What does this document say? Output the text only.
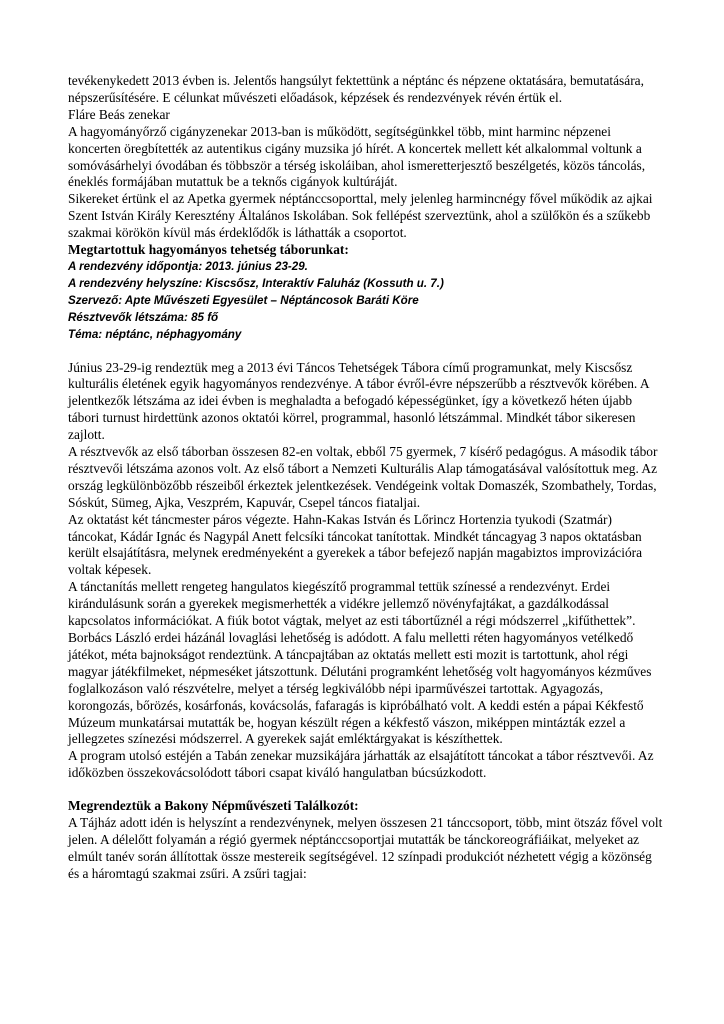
tevékenykedett 2013 évben is. Jelentős hangsúlyt fektettünk a néptánc és népzene oktatására, bemutatására, népszerűsítésére. E célunkat művészeti előadások, képzések és rendezvények révén értük el.

Fláre Beás zenekar

A hagyományőrző cigányzenekar 2013-ban is működött, segítségünkkel több, mint harminc népzenei koncerten öregbítették az autentikus cigány muzsika jó hírét. A koncertek mellett két alkalommal voltunk a somóvásárhelyi óvodában és többször a térség iskoláiban, ahol ismeretterjesztő beszélgetés, közös táncolás, éneklés formájában mutattuk be a teknős cigányok kultúráját.

Sikereket értünk el az Apetka gyermek néptánccsoporttal, mely jelenleg harmincnégy fővel működik az ajkai Szent István Király Keresztény Általános Iskolában. Sok fellépést szerveztünk, ahol a szülőkön és a szűkebb szakmai körökön kívül más érdeklődők is láthatták a csoportot.

Megtartottuk hagyományos tehetség táborunkat:

A rendezvény időpontja: 2013. június 23-29.

A rendezvény helyszíne: Kiscsősz, Interaktív Faluház (Kossuth u. 7.)

Szervező: Apte Művészeti Egyesület – Néptáncosok Baráti Köre

Résztvevők létszáma: 85 fő

Téma: néptánc, néphagyomány

Június 23-29-ig rendeztük meg a 2013 évi Táncos Tehetségek Tábora című programunkat, mely Kiscsősz kulturális életének egyik hagyományos rendezvénye. A tábor évről-évre népszerűbb a résztvevők körében. A jelentkezők létszáma az idei évben is meghaladta a befogadó képességünket, így a következő héten újabb tábori turnust hirdettünk azonos oktatói körrel, programmal, hasonló létszámmal. Mindkét tábor sikeresen zajlott.

A résztvevők az első táborban összesen 82-en voltak, ebből 75 gyermek, 7 kísérő pedagógus. A második tábor résztvevői létszáma azonos volt. Az első tábort a Nemzeti Kulturális Alap támogatásával valósítottuk meg. Az ország legkülönbözőbb részeiből érkeztek jelentkezések. Vendégeink voltak Domaszék, Szombathely, Tordas, Sóskút, Sümeg, Ajka, Veszprém, Kapuvár, Csepel táncos fiataljai.

Az oktatást két táncmester páros végezte. Hahn-Kakas István és Lőrincz Hortenzia tyukodi (Szatmár) táncokat, Kádár Ignác és Nagypál Anett felcsíki táncokat tanítottak. Mindkét táncagyag 3 napos oktatásban került elsajátításra, melynek eredményeként a gyerekek a tábor befejező napján magabiztos improvizációra voltak képesek.

A tánctanítás mellett rengeteg hangulatos kiegészítő programmal tettük színessé a rendezvényt. Erdei kirándulásunk során a gyerekek megismerhették a vidékre jellemző növényfajtákat, a gazdálkodással kapcsolatos információkat. A fiúk botot vágtak, melyet az esti tábortűznél a régi módszerrel „kifűthettek”. Borbács László erdei házánál lovaglási lehetőség is adódott. A falu melletti réten hagyományos vetélkedő játékot, méta bajnokságot rendeztünk. A táncpajtában az oktatás mellett esti mozit is tartottunk, ahol régi magyar játékfilmeket, népmeséket játszottunk. Délutáni programként lehetőség volt hagyományos kézműves foglalkozáson való részvételre, melyet a térség legkiválóbb népi iparművészei tartottak. Agyagozás, korongozás, bőrözés, kosárfonás, kovácsolás, fafaragás is kipróbálható volt. A keddi estén a pápai Kékfestő Múzeum munkatársai mutatták be, hogyan készült régen a kékfestő vászon, miképpen mintázták ezzel a jellegzetes színezési módszerrel. A gyerekek saját emléktárgyakat is készíthettek.

A program utolsó estéjén a Tabán zenekar muzsikájára járhatták az elsajátított táncokat a tábor résztvevői. Az időközben összekovácsolódott tábori csapat kiváló hangulatban búcsúzkodott.

Megrendeztük a Bakony Népművészeti Találkozót:

A Tájház adott idén is helyszínt a rendezvénynek, melyen összesen 21 tánccsoport, több, mint ötszáz fővel volt jelen. A délelőtt folyamán a régió gyermek néptánccsoportjai mutatták be tánckoreográfiáikat, melyeket az elmúlt tanév során állítottak össze mestereik segítségével. 12 színpadi produkciót nézhetett végig a közönség és a háromtagú szakmai zsűri. A zsűri tagjai:
